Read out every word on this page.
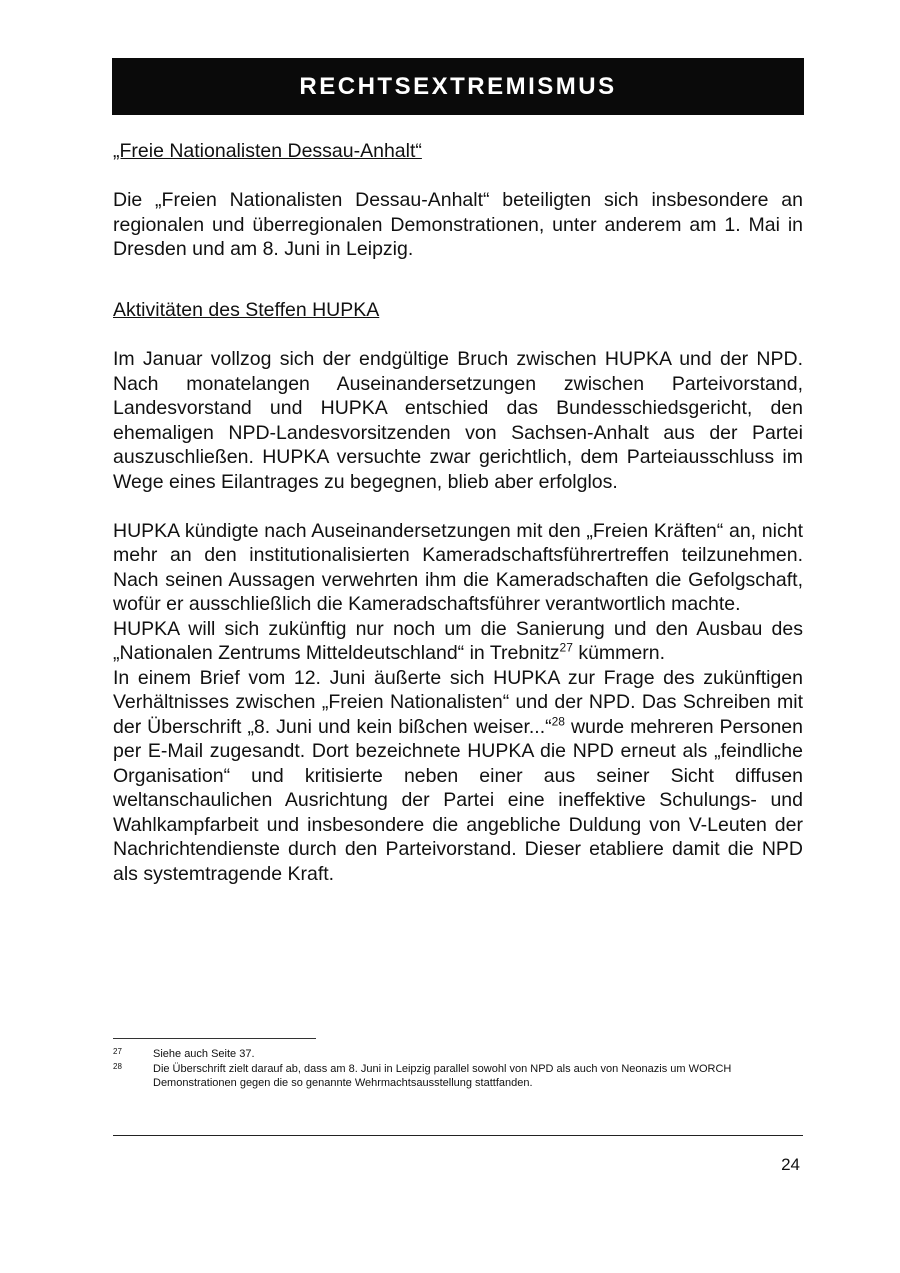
RECHTSEXTREMISMUS

„Freie Nationalisten Dessau-Anhalt“

Die „Freien Nationalisten Dessau-Anhalt“ beteiligten sich insbesondere an regionalen und überregionalen Demonstrationen, unter anderem am 1. Mai in Dresden und am 8. Juni in Leipzig.

Aktivitäten des Steffen HUPKA

Im Januar vollzog sich der endgültige Bruch zwischen HUPKA und der NPD. Nach monatelangen Auseinandersetzungen zwischen Parteivorstand, Landesvorstand und HUPKA entschied das Bundesschiedsgericht, den ehemaligen NPD-Landesvorsitzenden von Sachsen-Anhalt aus der Partei auszuschließen. HUPKA versuchte zwar gerichtlich, dem Parteiausschluss im Wege eines Eilantrages zu begegnen, blieb aber erfolglos.

HUPKA kündigte nach Auseinandersetzungen mit den „Freien Kräften“ an, nicht mehr an den institutionalisierten Kameradschaftsführertreffen teilzunehmen. Nach seinen Aussagen verwehrten ihm die Kameradschaften die Gefolgschaft, wofür er ausschließlich die Kameradschaftsführer verantwortlich machte.

HUPKA will sich zukünftig nur noch um die Sanierung und den Ausbau des „Nationalen Zentrums Mitteldeutschland“ in Trebnitz$^{27}$ kümmern.

In einem Brief vom 12. Juni äußerte sich HUPKA zur Frage des zukünftigen Verhältnisses zwischen „Freien Nationalisten“ und der NPD. Das Schreiben mit der Überschrift „8. Juni und kein bißchen weiser...“$^{28}$ wurde mehreren Personen per E-Mail zugesandt. Dort bezeichnete HUPKA die NPD erneut als „feindliche Organisation“ und kritisierte neben einer aus seiner Sicht diffusen weltanschaulichen Ausrichtung der Partei eine ineffektive Schulungs- und Wahlkampfarbeit und insbesondere die angebliche Duldung von V-Leuten der Nachrichtendienste durch den Parteivorstand. Dieser etabliere damit die NPD als systemtragende Kraft.

27	Siehe auch Seite 37.
28	Die Überschrift zielt darauf ab, dass am 8. Juni in Leipzig parallel sowohl von NPD als auch von Neonazis um WORCH Demonstrationen gegen die so genannte Wehrmachtsausstellung stattfanden.
24
